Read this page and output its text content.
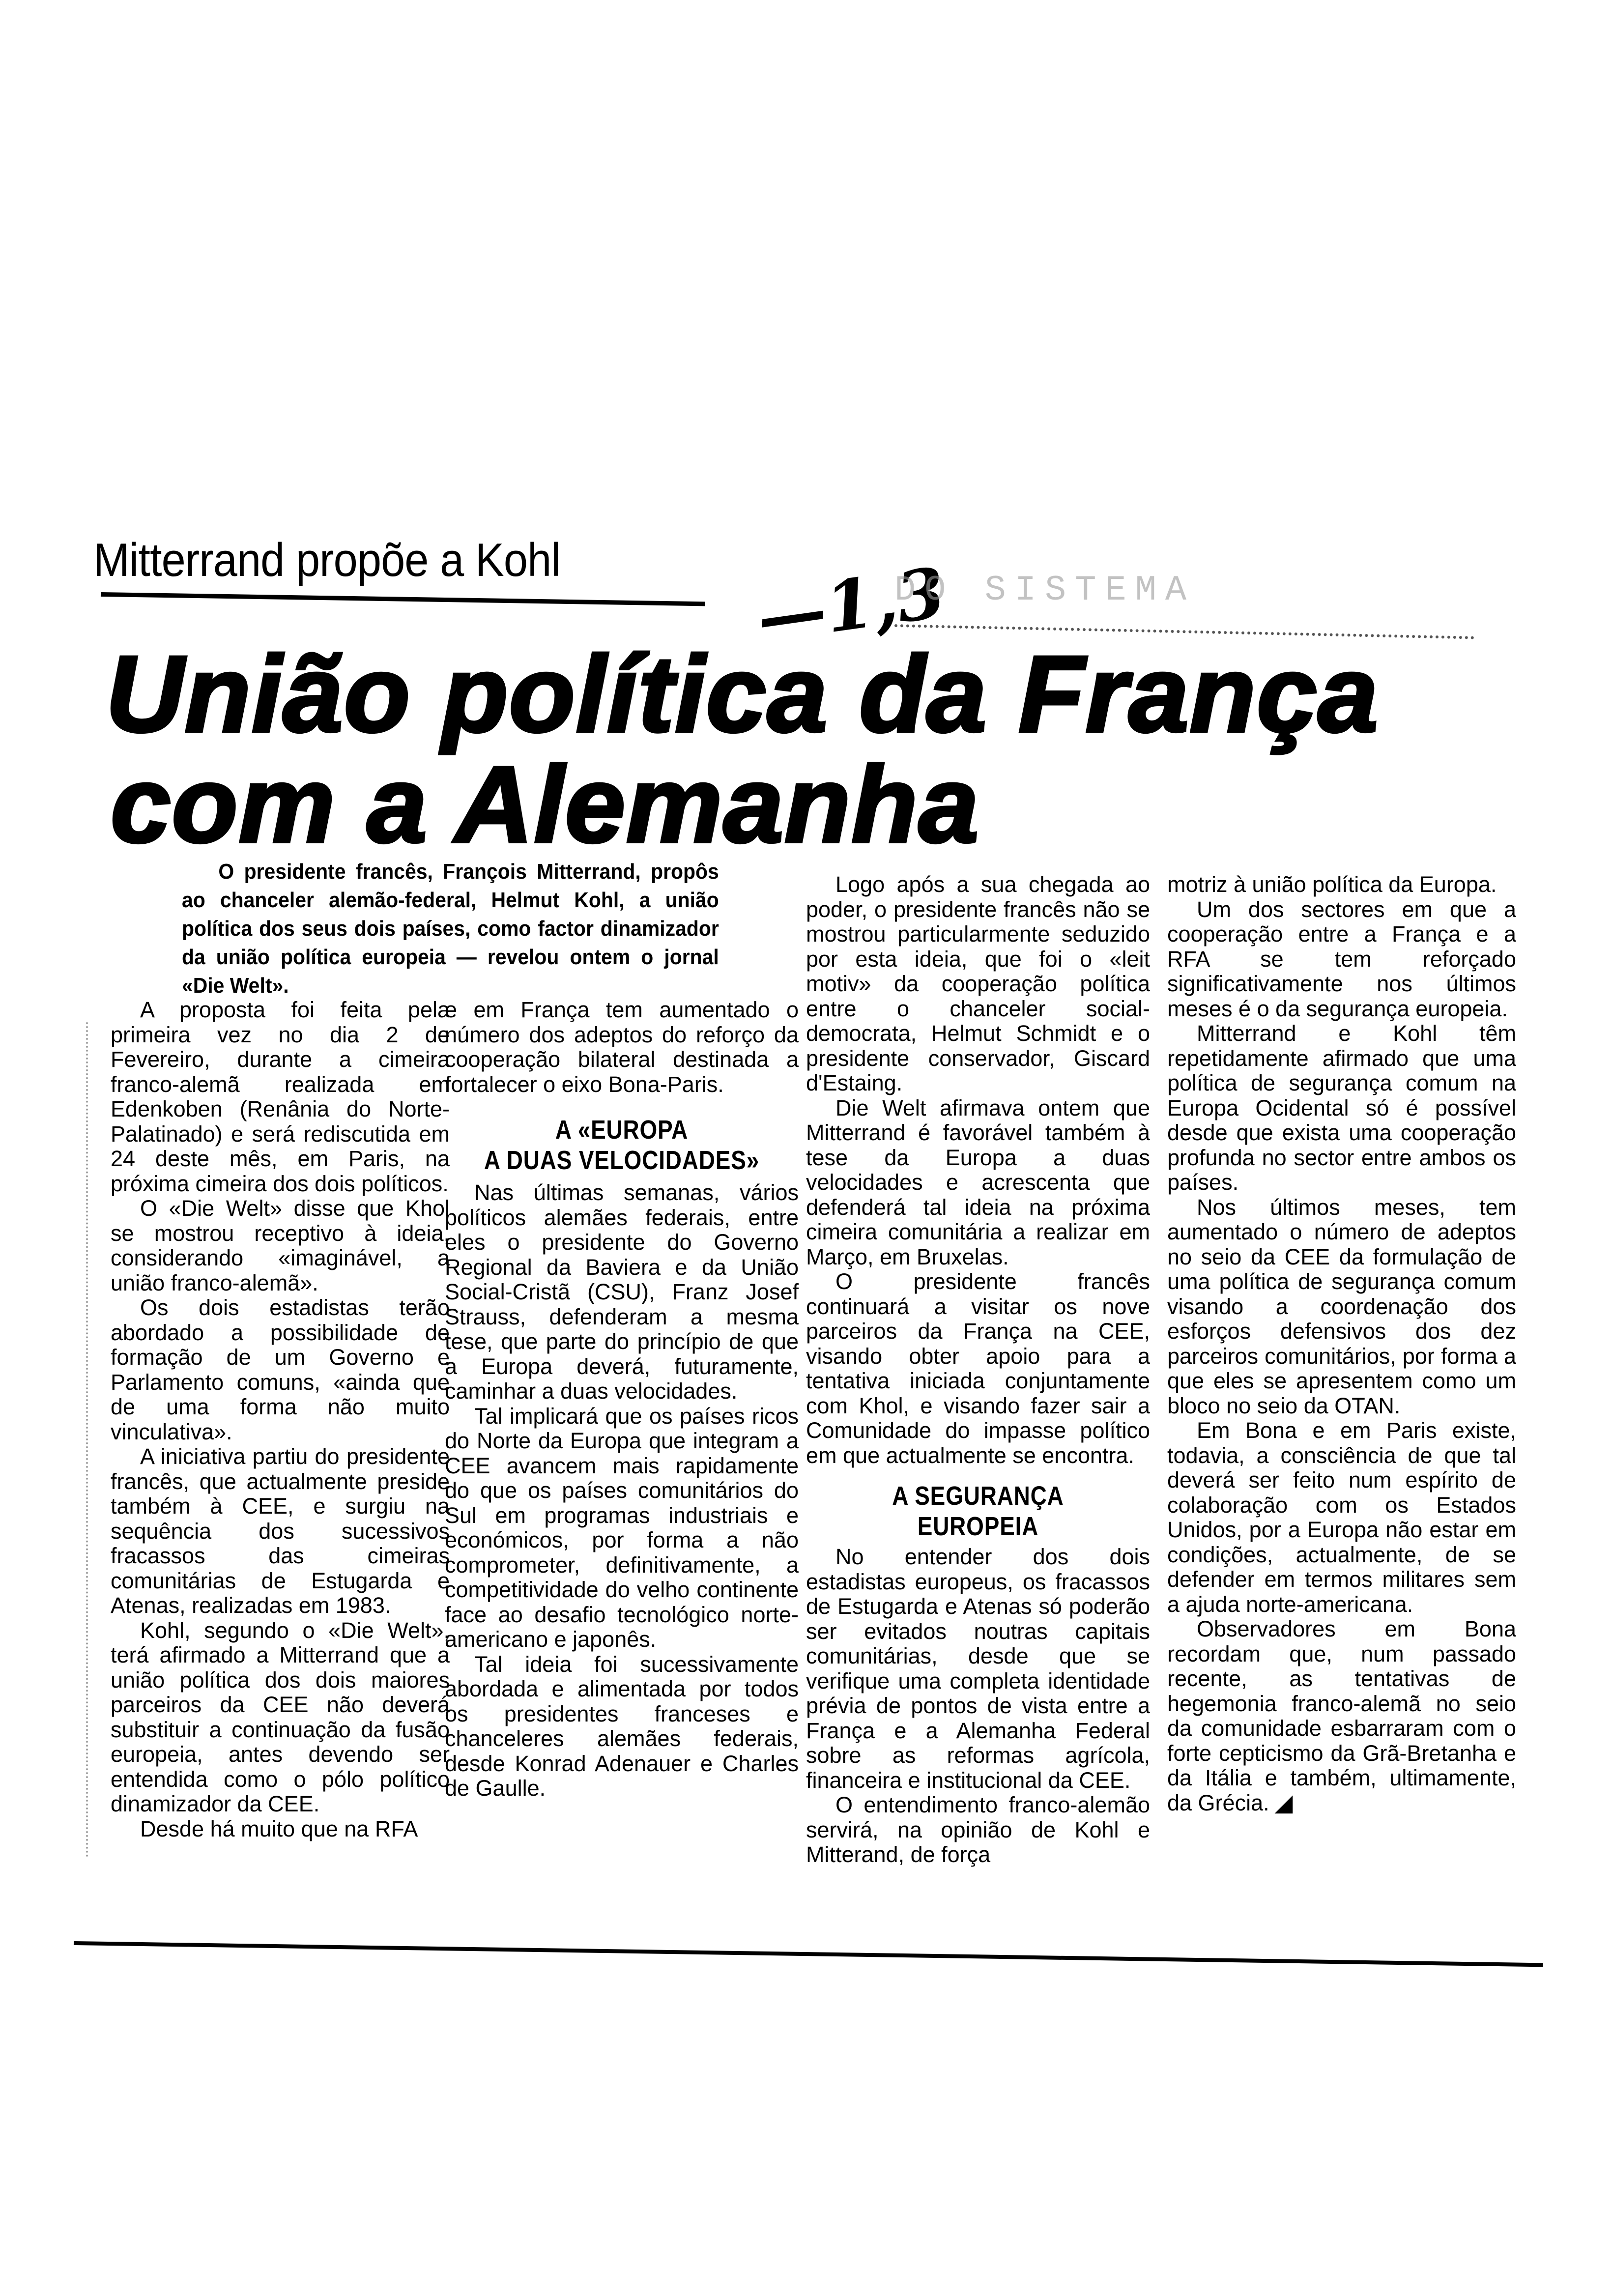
Mitterrand propõe a Kohl	—1,3
DO SISTEMA
União política da França
com a Alemanha

O presidente francês, François Mitterrand, propôs ao chanceler alemão-federal, Helmut Kohl, a união política dos seus dois países, como factor dinamizador da união política europeia — revelou ontem o jornal «Die Welt».

A proposta foi feita pela primeira vez no dia 2 de Fevereiro, durante a cimeira franco-alemã realizada em Edenkoben (Renânia do Norte-Palatinado) e será rediscutida em 24 deste mês, em Paris, na próxima cimeira dos dois políticos.

O «Die Welt» disse que Khol se mostrou receptivo à ideia, considerando «imaginável, a união franco-alemã».

Os dois estadistas terão abordado a possibilidade de formação de um Governo e Parlamento comuns, «ainda que de uma forma não muito vinculativa».

A iniciativa partiu do presidente francês, que actualmente preside também à CEE, e surgiu na sequência dos sucessivos fracassos das cimeiras comunitárias de Estugarda e Atenas, realizadas em 1983.

Kohl, segundo o «Die Welt», terá afirmado a Mitterrand que a união política dos dois maiores parceiros da CEE não deverá substituir a continuação da fusão europeia, antes devendo ser entendida como o pólo político dinamizador da CEE.

Desde há muito que na RFA

e em França tem aumentado o número dos adeptos do reforço da cooperação bilateral destinada a fortalecer o eixo Bona-Paris.

A «EUROPA
A DUAS VELOCIDADES»

Nas últimas semanas, vários políticos alemães federais, entre eles o presidente do Governo Regional da Baviera e da União Social-Cristã (CSU), Franz Josef Strauss, defenderam a mesma tese, que parte do princípio de que a Europa deverá, futuramente, caminhar a duas velocidades.

Tal implicará que os países ricos do Norte da Europa que integram a CEE avancem mais rapidamente do que os países comunitários do Sul em programas industriais e económicos, por forma a não comprometer, definitivamente, a competitividade do velho continente face ao desafio tecnológico norte-americano e japonês.

Tal ideia foi sucessivamente abordada e alimentada por todos os presidentes franceses e chanceleres alemães federais, desde Konrad Adenauer e Charles de Gaulle.

Logo após a sua chegada ao poder, o presidente francês não se mostrou particularmente seduzido por esta ideia, que foi o «leit motiv» da cooperação política entre o chanceler social-democrata, Helmut Schmidt e o presidente conservador, Giscard d'Estaing.

Die Welt afirmava ontem que Mitterrand é favorável também à tese da Europa a duas velocidades e acrescenta que defenderá tal ideia na próxima cimeira comunitária a realizar em Março, em Bruxelas.

O presidente francês continuará a visitar os nove parceiros da França na CEE, visando obter apoio para a tentativa iniciada conjuntamente com Khol, e visando fazer sair a Comunidade do impasse político em que actualmente se encontra.

A SEGURANÇA EUROPEIA

No entender dos dois estadistas europeus, os fracassos de Estugarda e Atenas só poderão ser evitados noutras capitais comunitárias, desde que se verifique uma completa identidade prévia de pontos de vista entre a França e a Alemanha Federal sobre as reformas agrícola, financeira e institucional da CEE.

O entendimento franco-alemão servirá, na opinião de Kohl e Mitterand, de força

motriz à união política da Europa.

Um dos sectores em que a cooperação entre a França e a RFA se tem reforçado significativamente nos últimos meses é o da segurança europeia.

Mitterrand e Kohl têm repetidamente afirmado que uma política de segurança comum na Europa Ocidental só é possível desde que exista uma cooperação profunda no sector entre ambos os países.

Nos últimos meses, tem aumentado o número de adeptos no seio da CEE da formulação de uma política de segurança comum visando a coordenação dos esforços defensivos dos dez parceiros comunitários, por forma a que eles se apresentem como um bloco no seio da OTAN.

Em Bona e em Paris existe, todavia, a consciência de que tal deverá ser feito num espírito de colaboração com os Estados Unidos, por a Europa não estar em condições, actualmente, de se defender em termos militares sem a ajuda norte-americana.

Observadores em Bona recordam que, num passado recente, as tentativas de hegemonia franco-alemã no seio da comunidade esbarraram com o forte cepticismo da Grã-Bretanha e da Itália e também, ultimamente, da Grécia. ◢
